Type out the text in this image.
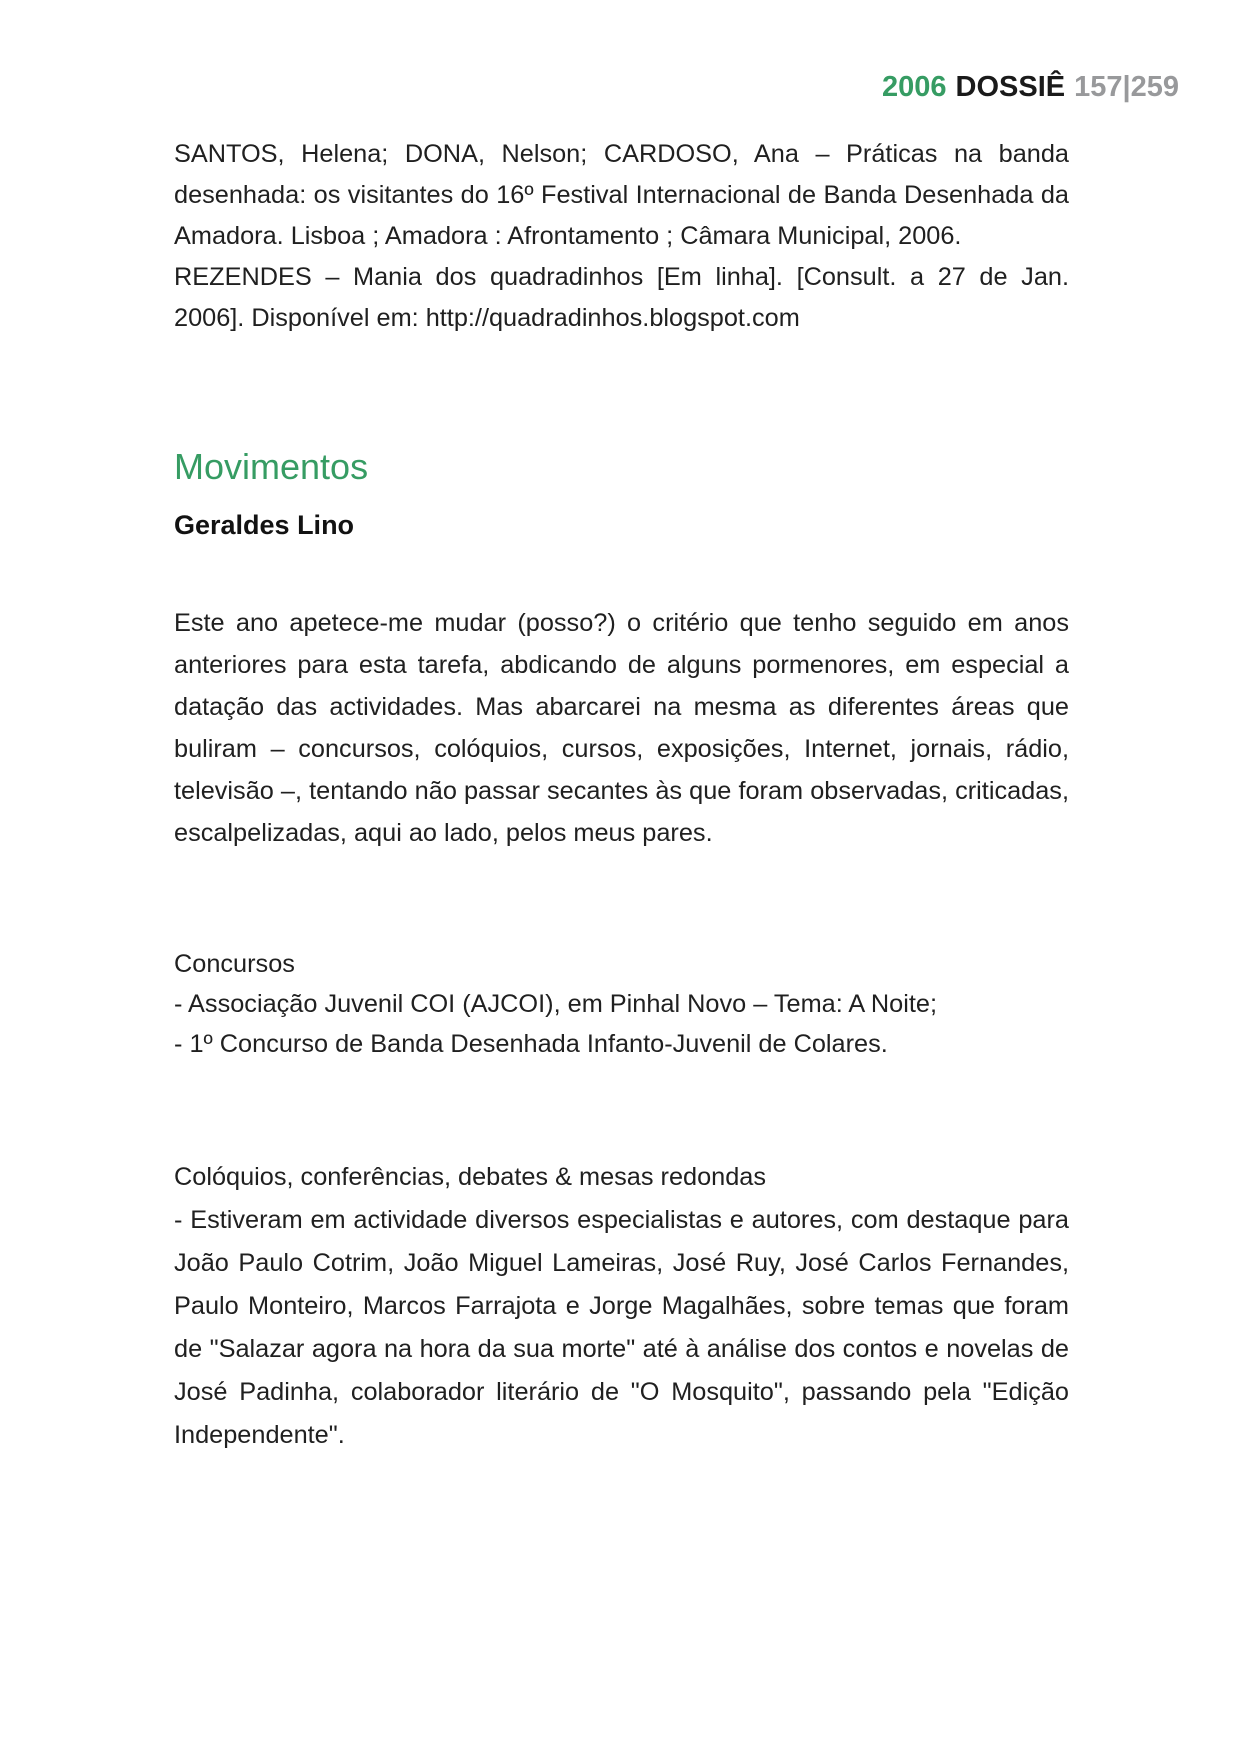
2006 DOSSIÊ 157|259

SANTOS, Helena; DONA, Nelson; CARDOSO, Ana – Práticas na banda desenhada: os visitantes do 16º Festival Internacional de Banda Desenhada da Amadora. Lisboa ; Amadora : Afrontamento ; Câmara Municipal, 2006.

REZENDES – Mania dos quadradinhos [Em linha]. [Consult. a 27 de Jan. 2006]. Disponível em: http://quadradinhos.blogspot.com

Movimentos

Geraldes Lino

Este ano apetece-me mudar (posso?) o critério que tenho seguido em anos anteriores para esta tarefa, abdicando de alguns pormenores, em especial a datação das actividades. Mas abarcarei na mesma as diferentes áreas que buliram – concursos, colóquios, cursos, exposições, Internet, jornais, rádio, televisão –, tentando não passar secantes às que foram observadas, criticadas, escalpelizadas, aqui ao lado, pelos meus pares.

Concursos

- Associação Juvenil COI (AJCOI), em Pinhal Novo – Tema: A Noite;

- 1º Concurso de Banda Desenhada Infanto-Juvenil de Colares.

Colóquios, conferências, debates & mesas redondas

- Estiveram em actividade diversos especialistas e autores, com destaque para João Paulo Cotrim, João Miguel Lameiras, José Ruy, José Carlos Fernandes, Paulo Monteiro, Marcos Farrajota e Jorge Magalhães, sobre temas que foram de "Salazar agora na hora da sua morte" até à análise dos contos e novelas de José Padinha, colaborador literário de "O Mosquito", passando pela "Edição Independente".
